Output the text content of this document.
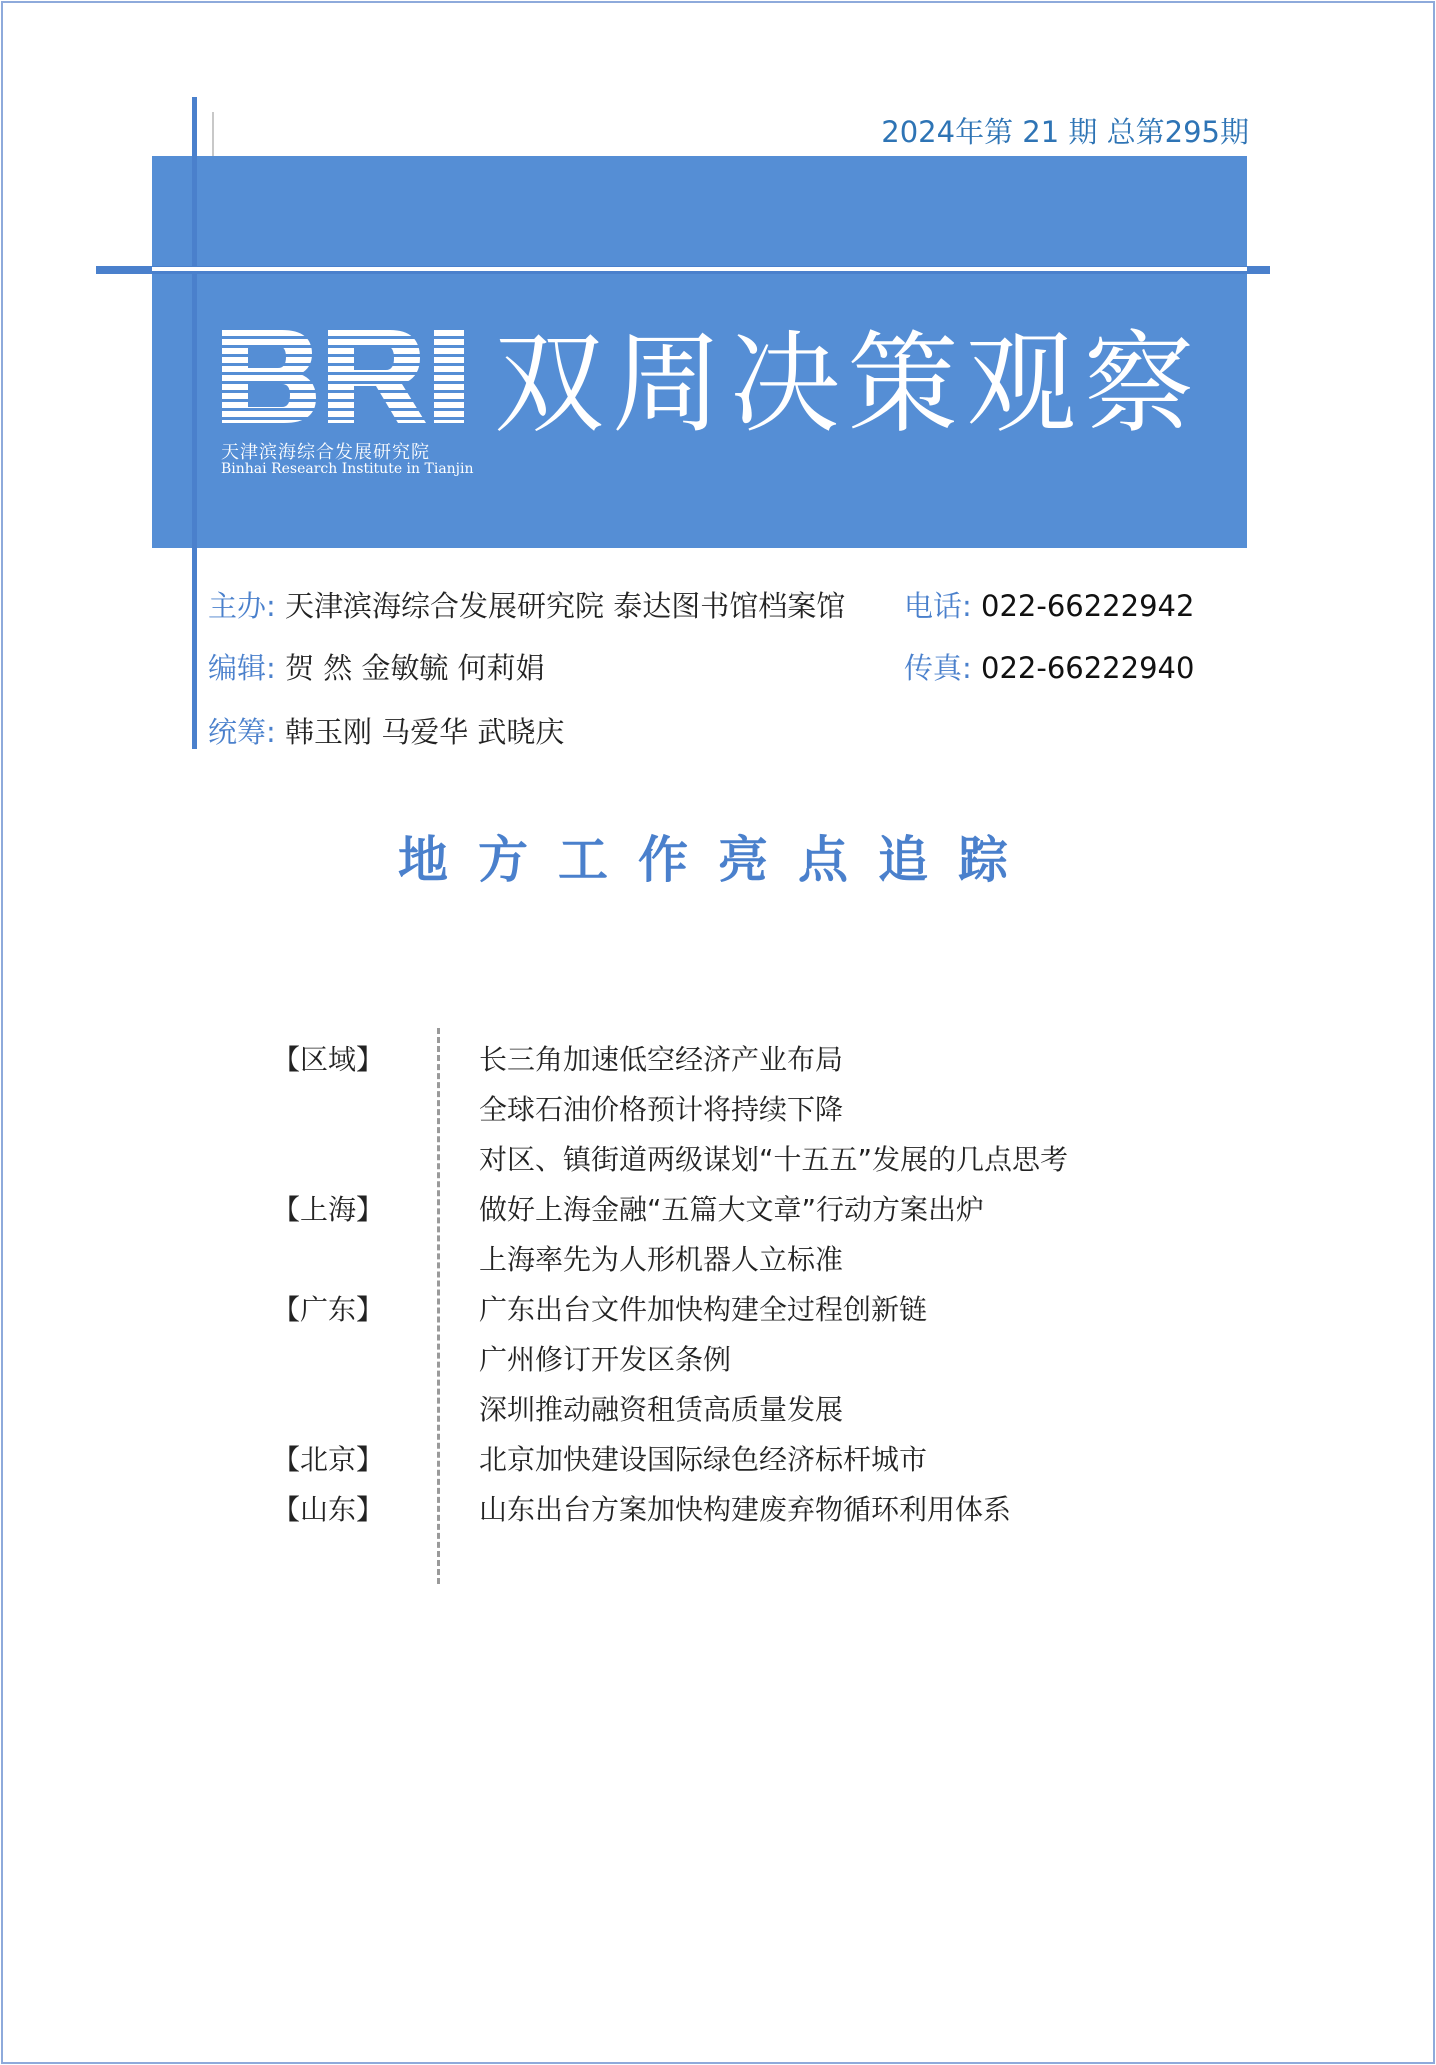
2024年第 21 期 总第295期
天津滨海综合发展研究院
Binhai Research Institute in Tianjin
双周决策观察
主办: 天津滨海综合发展研究院 泰达图书馆档案馆 电话: 022-66222942
编辑: 贺 然 金敏毓 何莉娟	传真: 022-66222940
统筹: 韩玉刚 马爱华 武晓庆
地方工作亮点追踪
【区域】
【上海】
【广东】
【北京】
【山东】
长三角加速低空经济产业布局
全球石油价格预计将持续下降
对区、镇街道两级谋划“十五五”发展的几点思考
做好上海金融“五篇大文章”行动方案出炉
上海率先为人形机器人立标准
广东出台文件加快构建全过程创新链
广州修订开发区条例
深圳推动融资租赁高质量发展
北京加快建设国际绿色经济标杆城市
山东出台方案加快构建废弃物循环利用体系
